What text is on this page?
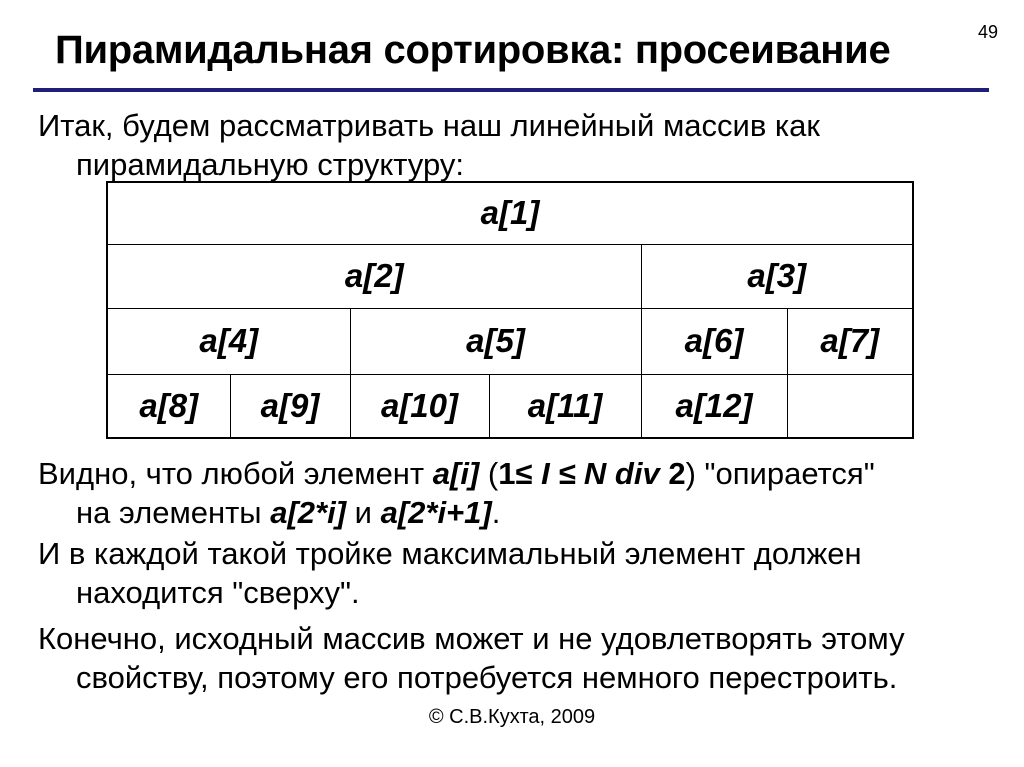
49
Пирамидальная сортировка: просеивание
Итак, будем рассматривать наш линейный массив как
пирамидальную структуру:
a[1]					
a[2]				a[3]	
a[4]		a[5]		a[6]	a[7]
a[8]	a[9]	a[10]	a[11]	a[12]	
Видно, что любой элемент a[i] (1≤ I ≤ N div 2) "опирается"
на элементы a[2*i] и a[2*i+1].
И в каждой такой тройке максимальный элемент должен
находится "сверху".
Конечно, исходный массив может и не удовлетворять этому
свойству, поэтому его потребуется немного перестроить.
© С.В.Кухта, 2009
